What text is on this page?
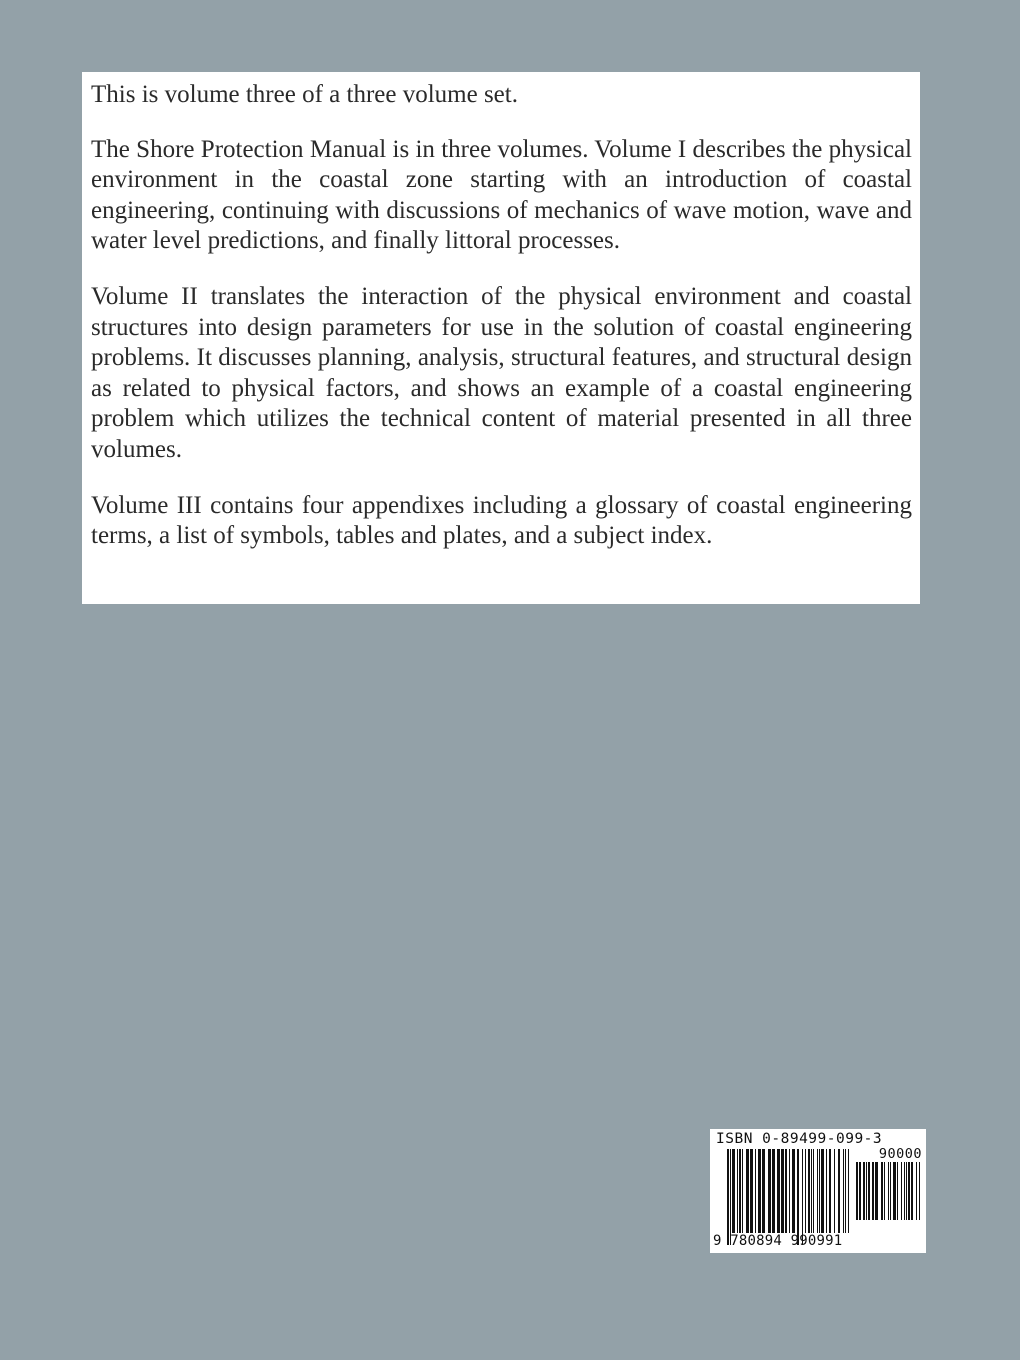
This is volume three of a three volume set.

The Shore Protection Manual is in three volumes. Volume I describes the physical environment in the coastal zone starting with an introduction of coastal engineering, continuing with discussions of mechanics of wave motion, wave and water level predictions, and finally littoral processes.

Volume II translates the interaction of the physical environment and coastal structures into design parameters for use in the solution of coastal engineering problems. It discusses planning, analysis, structural features, and structural design as related to physical factors, and shows an example of a coastal engineering problem which utilizes the technical content of material presented in all three volumes.

Volume III contains four appendixes including a glossary of coastal engineering terms, a list of symbols, tables and plates, and a subject index.

ISBN 0-89499-099-3
90000
9 780894 990991
